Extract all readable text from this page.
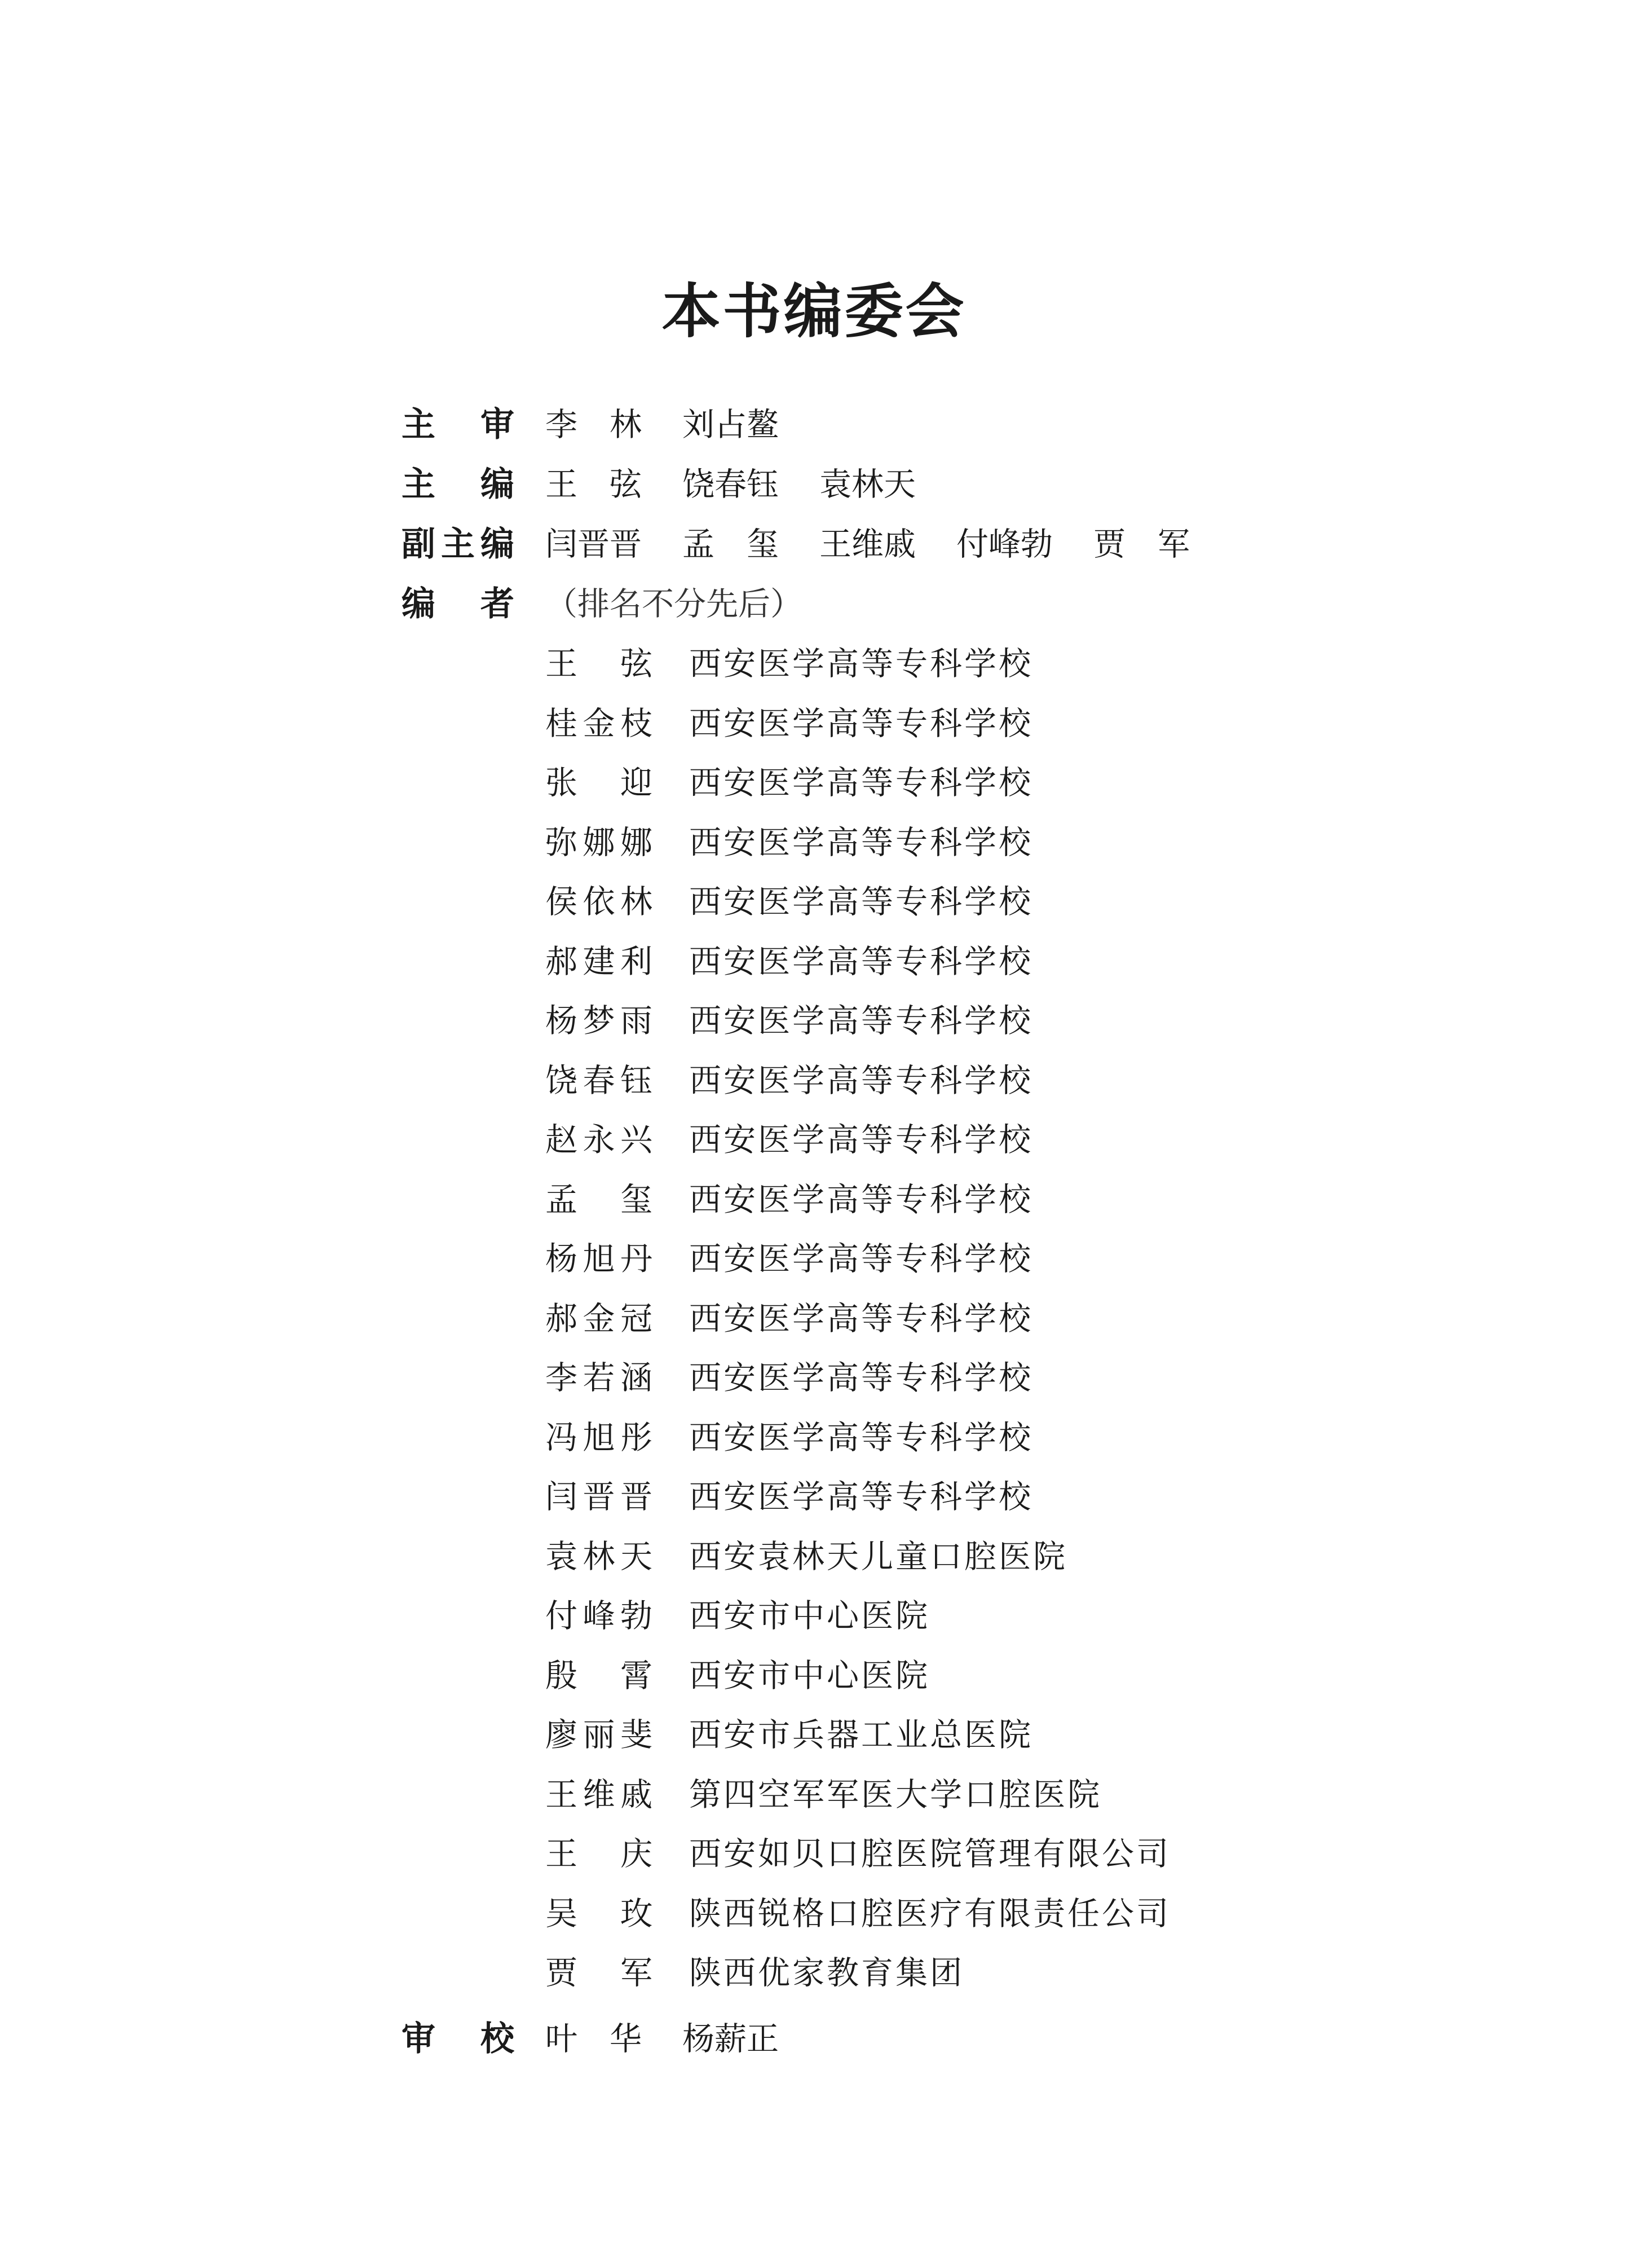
本书编委会
主 审 李　林 刘占鳌
主 编 王　弦 饶春钰 袁林天
副 主 编 闫晋晋 孟　玺 王维戚 付峰勃 贾　军
编 者 （排名不分先后）
王 弦 西安医学高等专科学校
桂 金 枝 西安医学高等专科学校
张 迎 西安医学高等专科学校
弥 娜 娜 西安医学高等专科学校
侯 依 林 西安医学高等专科学校
郝 建 利 西安医学高等专科学校
杨 梦 雨 西安医学高等专科学校
饶 春 钰 西安医学高等专科学校
赵 永 兴 西安医学高等专科学校
孟 玺 西安医学高等专科学校
杨 旭 丹 西安医学高等专科学校
郝 金 冠 西安医学高等专科学校
李 若 涵 西安医学高等专科学校
冯 旭 彤 西安医学高等专科学校
闫 晋 晋 西安医学高等专科学校
袁 林 天 西安袁林天儿童口腔医院
付 峰 勃 西安市中心医院
殷 霄 西安市中心医院
廖 丽 斐 西安市兵器工业总医院
王 维 戚 第四空军军医大学口腔医院
王 庆 西安如贝口腔医院管理有限公司
吴 玫 陕西锐格口腔医疗有限责任公司
贾 军 陕西优家教育集团
审 校 叶　华 杨薪正
